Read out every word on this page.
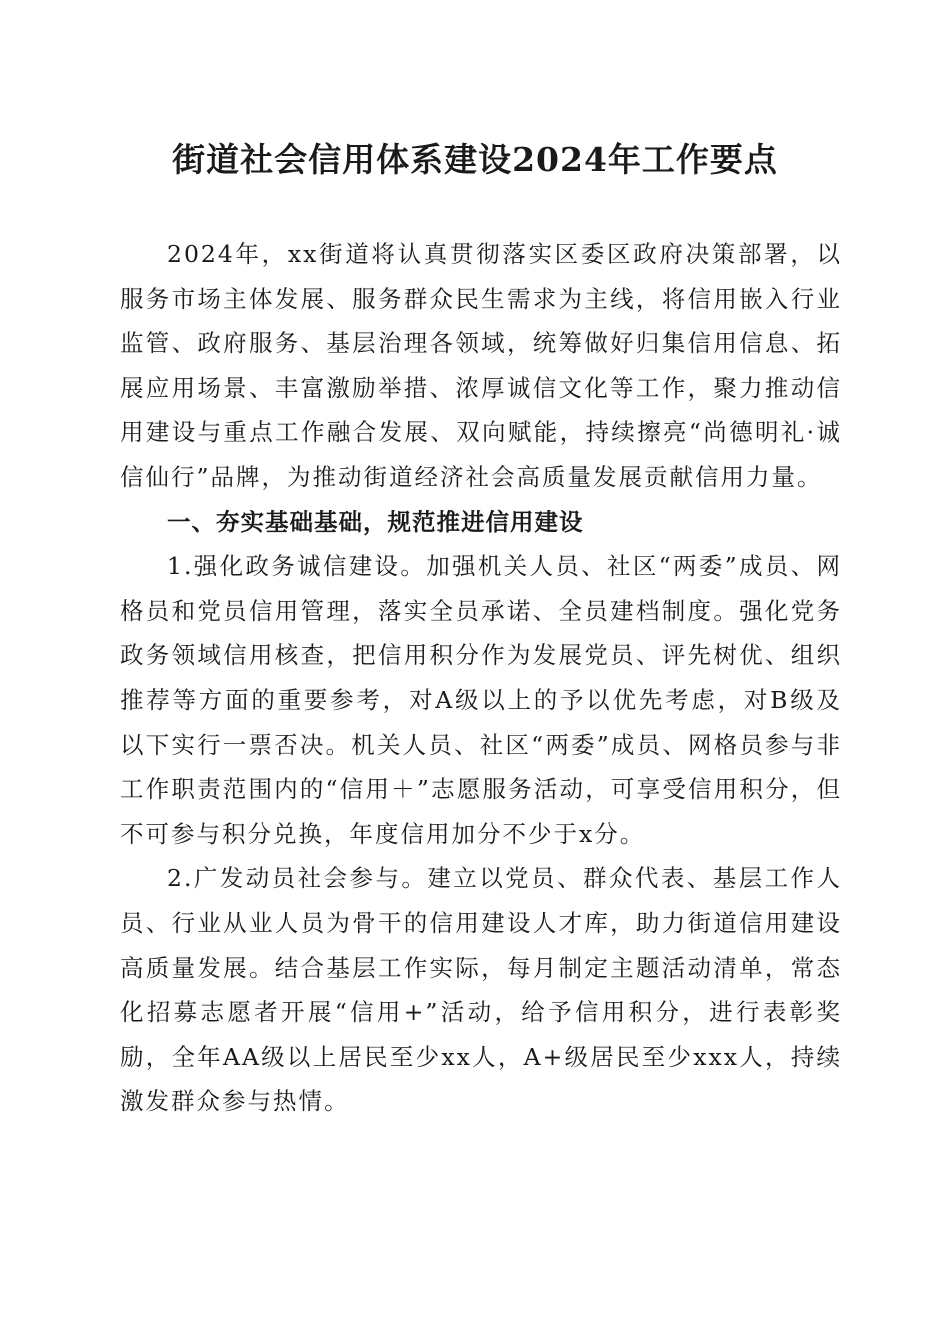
街道社会信用体系建设2024年工作要点

2024年，xx街道将认真贯彻落实区委区政府决策部署，以服务市场主体发展、服务群众民生需求为主线，将信用嵌入行业监管、政府服务、基层治理各领域，统筹做好归集信用信息、拓展应用场景、丰富激励举措、浓厚诚信文化等工作，聚力推动信用建设与重点工作融合发展、双向赋能，持续擦亮“尚德明礼·诚信仙行”品牌，为推动街道经济社会高质量发展贡献信用力量。

一、夯实基础基础，规范推进信用建设

1.强化政务诚信建设。加强机关人员、社区“两委”成员、网格员和党员信用管理，落实全员承诺、全员建档制度。强化党务政务领域信用核查，把信用积分作为发展党员、评先树优、组织推荐等方面的重要参考，对A级以上的予以优先考虑，对B级及以下实行一票否决。机关人员、社区“两委”成员、网格员参与非工作职责范围内的“信用＋”志愿服务活动，可享受信用积分，但不可参与积分兑换，年度信用加分不少于x分。

2.广发动员社会参与。建立以党员、群众代表、基层工作人员、行业从业人员为骨干的信用建设人才库，助力街道信用建设高质量发展。结合基层工作实际，每月制定主题活动清单，常态化招募志愿者开展“信用+”活动，给予信用积分，进行表彰奖励，全年AA级以上居民至少xx人，A+级居民至少xxx人，持续激发群众参与热情。
